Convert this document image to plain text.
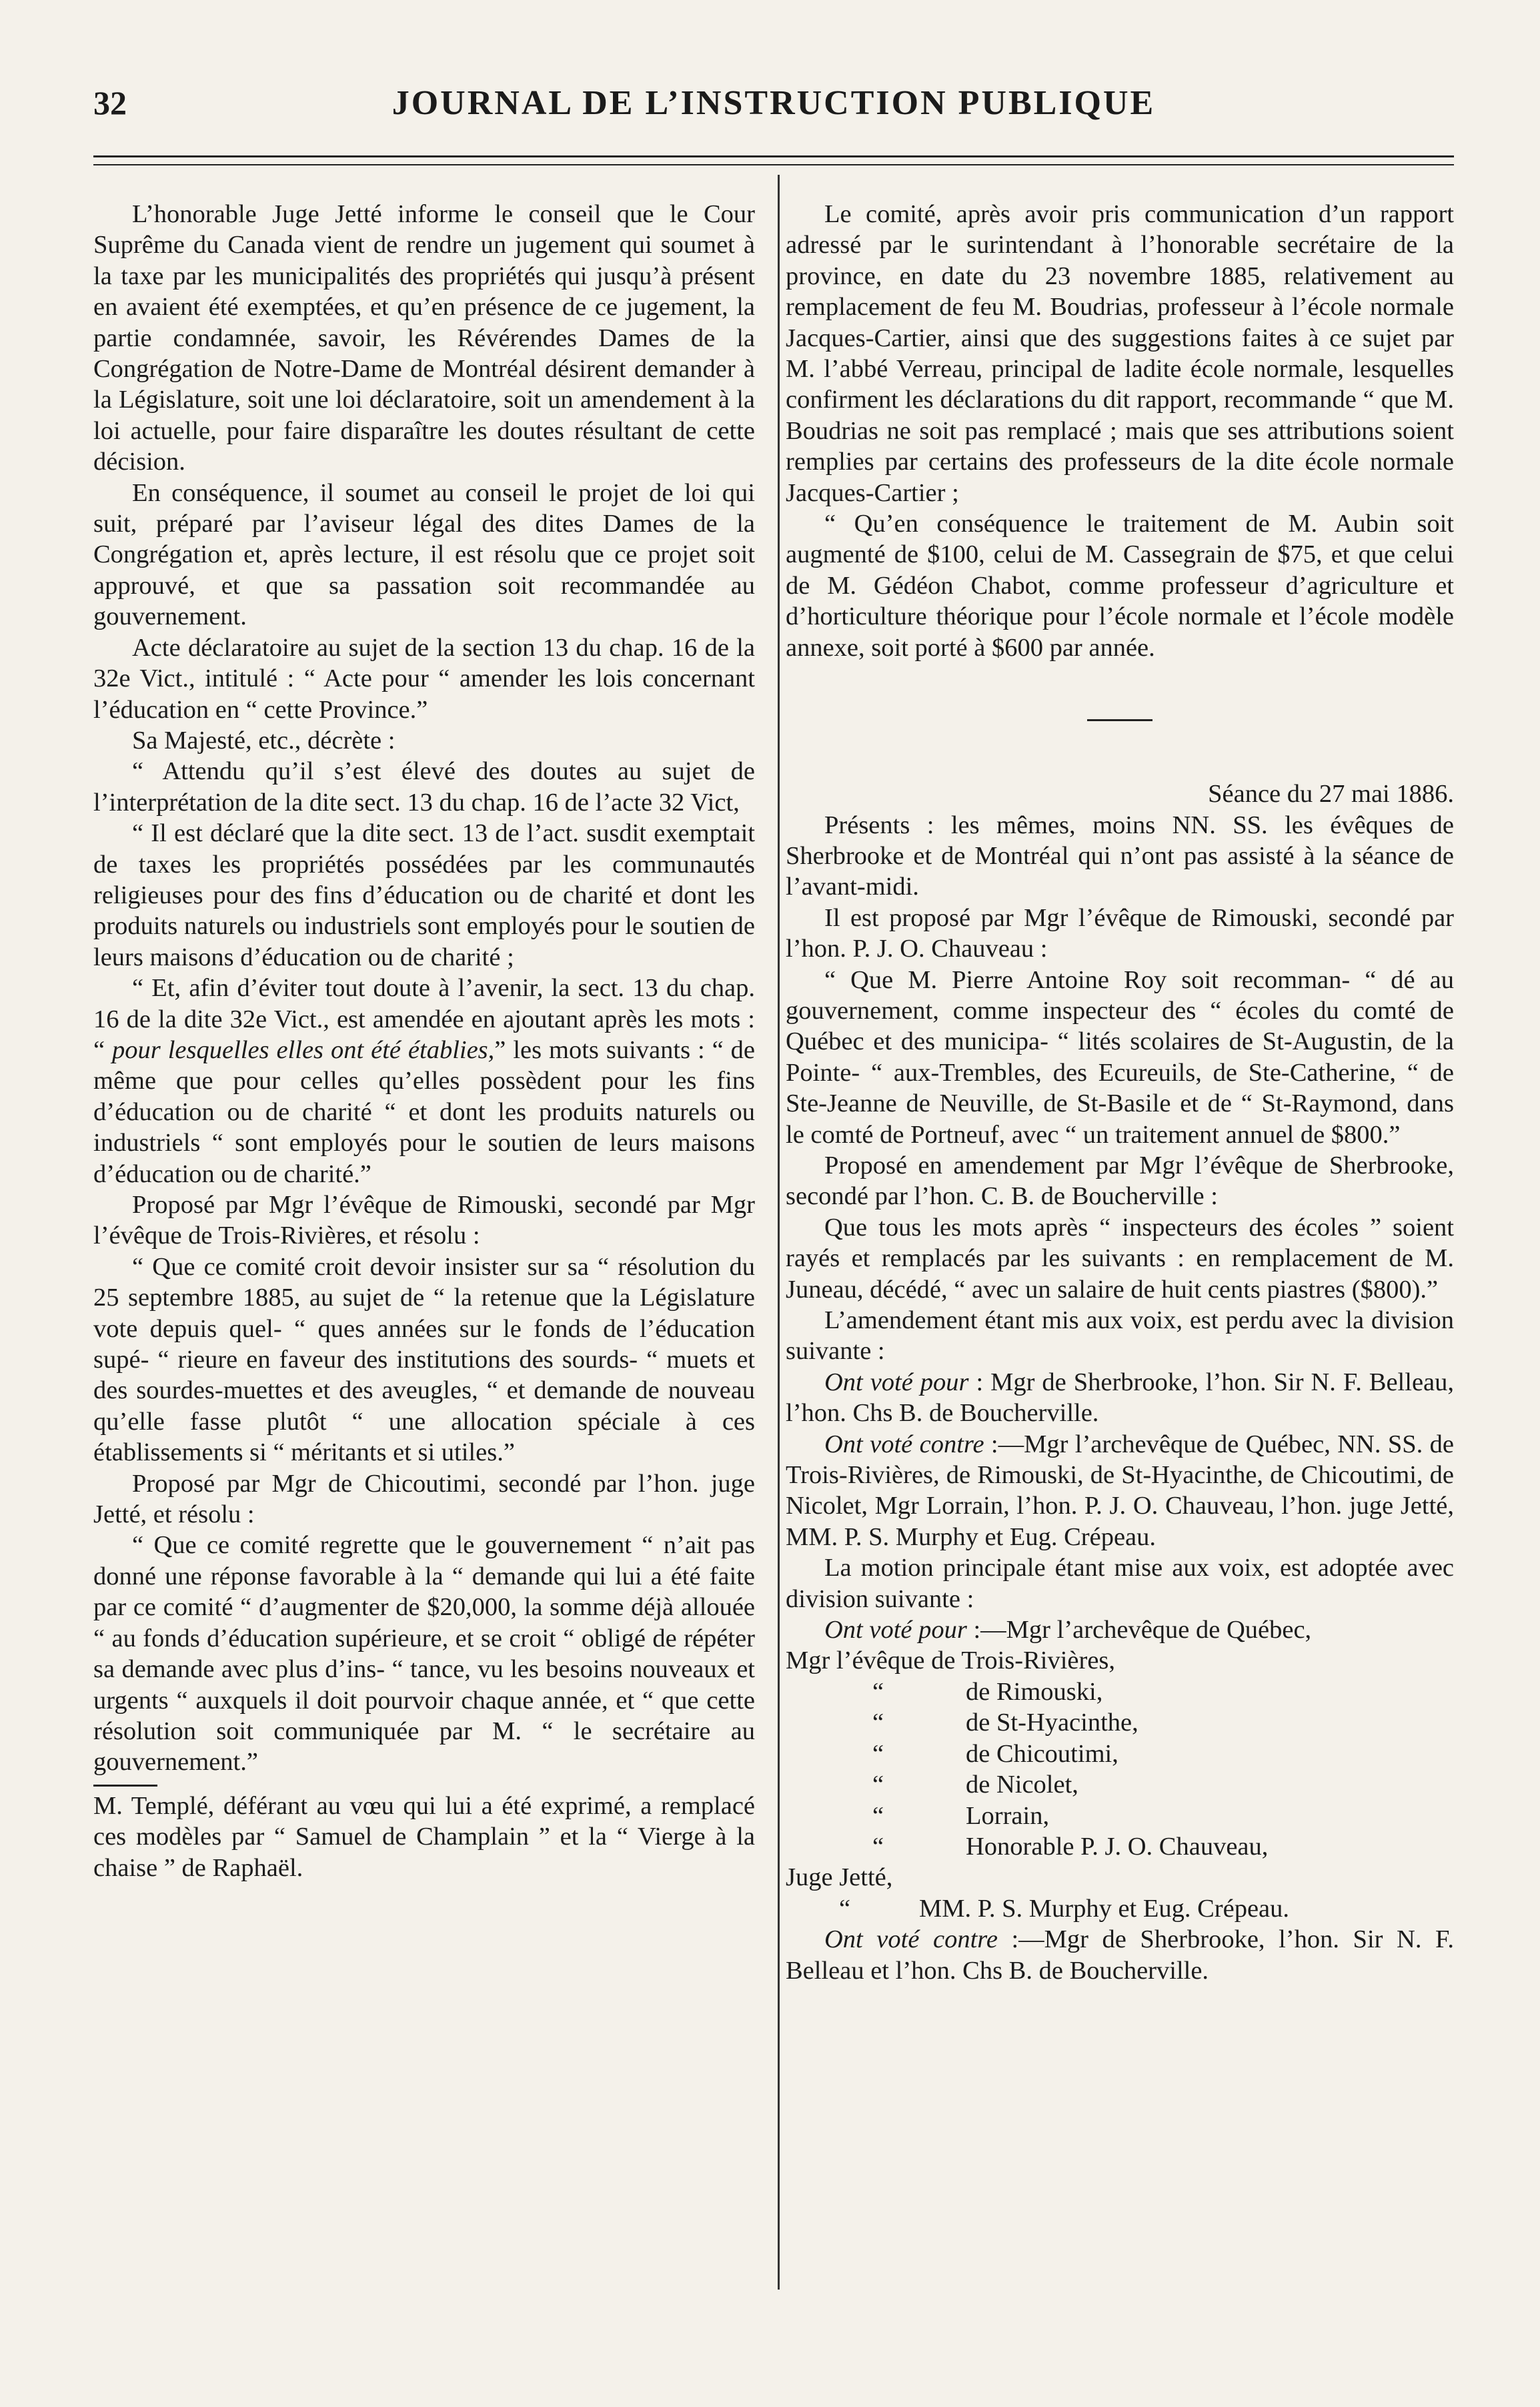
32	JOURNAL DE L’INSTRUCTION PUBLIQUE

L’honorable Juge Jetté informe le conseil que le Cour Suprême du Canada vient de rendre un jugement qui soumet à la taxe par les municipalités des propriétés qui jusqu’à présent en avaient été exemptées, et qu’en présence de ce jugement, la partie condamnée, savoir, les Révérendes Dames de la Congrégation de Notre-Dame de Montréal désirent demander à la Législature, soit une loi déclaratoire, soit un amendement à la loi actuelle, pour faire disparaître les doutes résultant de cette décision.

En conséquence, il soumet au conseil le projet de loi qui suit, préparé par l’aviseur légal des dites Dames de la Congrégation et, après lecture, il est résolu que ce projet soit approuvé, et que sa passation soit recommandée au gouvernement.

Acte déclaratoire au sujet de la section 13 du chap. 16 de la 32e Vict., intitulé : “ Acte pour “ amender les lois concernant l’éducation en “ cette Province.”

Sa Majesté, etc., décrète :

“ Attendu qu’il s’est élevé des doutes au sujet de l’interprétation de la dite sect. 13 du chap. 16 de l’acte 32 Vict,

“ Il est déclaré que la dite sect. 13 de l’act. susdit exemptait de taxes les propriétés possédées par les communautés religieuses pour des fins d’éducation ou de charité et dont les produits naturels ou industriels sont employés pour le soutien de leurs maisons d’éducation ou de charité ;

“ Et, afin d’éviter tout doute à l’avenir, la sect. 13 du chap. 16 de la dite 32e Vict., est amendée en ajoutant après les mots : “ pour lesquelles elles ont été établies,” les mots suivants : “ de même que pour celles qu’elles possèdent pour les fins d’éducation ou de charité “ et dont les produits naturels ou industriels “ sont employés pour le soutien de leurs maisons d’éducation ou de charité.”

Proposé par Mgr l’évêque de Rimouski, secondé par Mgr l’évêque de Trois-Rivières, et résolu :

“ Que ce comité croit devoir insister sur sa “ résolution du 25 septembre 1885, au sujet de “ la retenue que la Législature vote depuis quel- “ ques années sur le fonds de l’éducation supé- “ rieure en faveur des institutions des sourds- “ muets et des sourdes-muettes et des aveugles, “ et demande de nouveau qu’elle fasse plutôt “ une allocation spéciale à ces établissements si “ méritants et si utiles.”

Proposé par Mgr de Chicoutimi, secondé par l’hon. juge Jetté, et résolu :

“ Que ce comité regrette que le gouvernement “ n’ait pas donné une réponse favorable à la “ demande qui lui a été faite par ce comité “ d’augmenter de $20,000, la somme déjà allouée “ au fonds d’éducation supérieure, et se croit “ obligé de répéter sa demande avec plus d’ins- “ tance, vu les besoins nouveaux et urgents “ auxquels il doit pourvoir chaque année, et “ que cette résolution soit communiquée par M. “ le secrétaire au gouvernement.”

M. Templé, déférant au vœu qui lui a été exprimé, a remplacé ces modèles par “ Samuel de Champlain ” et la “ Vierge à la chaise ” de Raphaël.

Le comité, après avoir pris communication d’un rapport adressé par le surintendant à l’honorable secrétaire de la province, en date du 23 novembre 1885, relativement au remplacement de feu M. Boudrias, professeur à l’école normale Jacques-Cartier, ainsi que des suggestions faites à ce sujet par M. l’abbé Verreau, principal de ladite école normale, lesquelles confirment les déclarations du dit rapport, recommande “ que M. Boudrias ne soit pas remplacé ; mais que ses attributions soient remplies par certains des professeurs de la dite école normale Jacques-Cartier ;

“ Qu’en conséquence le traitement de M. Aubin soit augmenté de $100, celui de M. Cassegrain de $75, et que celui de M. Gédéon Chabot, comme professeur d’agriculture et d’horticulture théorique pour l’école normale et l’école modèle annexe, soit porté à $600 par année.

Séance du 27 mai 1886.

Présents : les mêmes, moins NN. SS. les évêques de Sherbrooke et de Montréal qui n’ont pas assisté à la séance de l’avant-midi.

Il est proposé par Mgr l’évêque de Rimouski, secondé par l’hon. P. J. O. Chauveau :

“ Que M. Pierre Antoine Roy soit recomman- “ dé au gouvernement, comme inspecteur des “ écoles du comté de Québec et des municipa- “ lités scolaires de St-Augustin, de la Pointe- “ aux-Trembles, des Ecureuils, de Ste-Catherine, “ de Ste-Jeanne de Neuville, de St-Basile et de “ St-Raymond, dans le comté de Portneuf, avec “ un traitement annuel de $800.”

Proposé en amendement par Mgr l’évêque de Sherbrooke, secondé par l’hon. C. B. de Boucherville :

Que tous les mots après “ inspecteurs des écoles ” soient rayés et remplacés par les suivants : en remplacement de M. Juneau, décédé, “ avec un salaire de huit cents piastres ($800).”

L’amendement étant mis aux voix, est perdu avec la division suivante :

Ont voté pour : Mgr de Sherbrooke, l’hon. Sir N. F. Belleau, l’hon. Chs B. de Boucherville.

Ont voté contre :—Mgr l’archevêque de Québec, NN. SS. de Trois-Rivières, de Rimouski, de St-Hyacinthe, de Chicoutimi, de Nicolet, Mgr Lorrain, l’hon. P. J. O. Chauveau, l’hon. juge Jetté, MM. P. S. Murphy et Eug. Crépeau.

La motion principale étant mise aux voix, est adoptée avec division suivante :

Ont voté pour :—Mgr l’archevêque de Québec,

Mgr l’évêque de Trois-Rivières,
“	de Rimouski,
“	de St-Hyacinthe,
“	de Chicoutimi,
“	de Nicolet,
“	Lorrain,
“	Honorable P. J. O. Chauveau,
Juge Jetté,
“	MM. P. S. Murphy et Eug. Crépeau.

Ont voté contre :—Mgr de Sherbrooke, l’hon. Sir N. F. Belleau et l’hon. Chs B. de Boucherville.
